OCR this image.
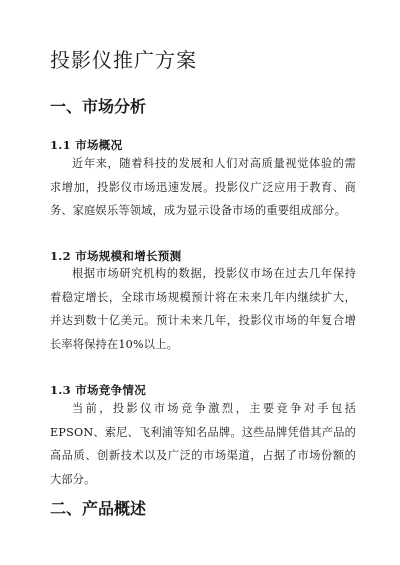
投影仪推广方案
一、市场分析
1.1 市场概况

近年来，随着科技的发展和人们对高质量视觉体验的需求增加，投影仪市场迅速发展。投影仪广泛应用于教育、商务、家庭娱乐等领域，成为显示设备市场的重要组成部分。

1.2 市场规模和增长预测

根据市场研究机构的数据，投影仪市场在过去几年保持着稳定增长，全球市场规模预计将在未来几年内继续扩大，并达到数十亿美元。预计未来几年，投影仪市场的年复合增长率将保持在10%以上。

1.3 市场竞争情况

当前，投影仪市场竞争激烈，主要竞争对手包括EPSON、索尼、飞利浦等知名品牌。这些品牌凭借其产品的高品质、创新技术以及广泛的市场渠道，占据了市场份额的大部分。

二、产品概述
